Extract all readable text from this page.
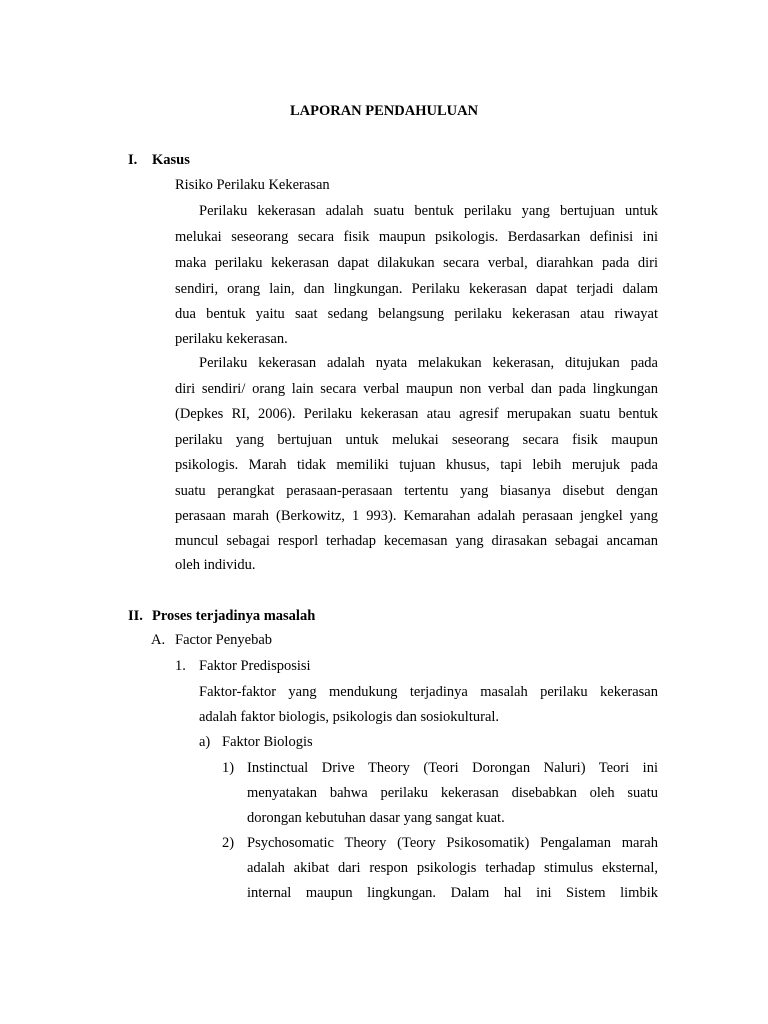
LAPORAN PENDAHULUAN
I. Kasus
Risiko Perilaku Kekerasan
Perilaku kekerasan adalah suatu bentuk perilaku yang bertujuan untuk
melukai seseorang secara fisik maupun psikologis. Berdasarkan definisi ini
maka perilaku kekerasan dapat dilakukan secara verbal, diarahkan pada diri
sendiri, orang lain, dan lingkungan. Perilaku kekerasan dapat terjadi dalam
dua bentuk yaitu saat sedang belangsung perilaku kekerasan atau riwayat
perilaku kekerasan.
Perilaku kekerasan adalah nyata melakukan kekerasan, ditujukan pada
diri sendiri/ orang lain secara verbal maupun non verbal dan pada lingkungan
(Depkes RI, 2006). Perilaku kekerasan atau agresif merupakan suatu bentuk
perilaku yang bertujuan untuk melukai seseorang secara fisik maupun
psikologis. Marah tidak memiliki tujuan khusus, tapi lebih merujuk pada
suatu perangkat perasaan-perasaan tertentu yang biasanya disebut dengan
perasaan marah (Berkowitz, 1 993). Kemarahan adalah perasaan jengkel yang
muncul sebagai resporl terhadap kecemasan yang dirasakan sebagai ancaman
oleh individu.
II. Proses terjadinya masalah
A. Factor Penyebab
1. Faktor Predisposisi
Faktor-faktor yang mendukung terjadinya masalah perilaku kekerasan
adalah faktor biologis, psikologis dan sosiokultural.
a) Faktor Biologis
1) Instinctual Drive Theory (Teori Dorongan Naluri) Teori ini
menyatakan bahwa perilaku kekerasan disebabkan oleh suatu
dorongan kebutuhan dasar yang sangat kuat.
2) Psychosomatic Theory (Teory Psikosomatik) Pengalaman marah
adalah akibat dari respon psikologis terhadap stimulus eksternal,
internal maupun lingkungan. Dalam hal ini Sistem limbik
